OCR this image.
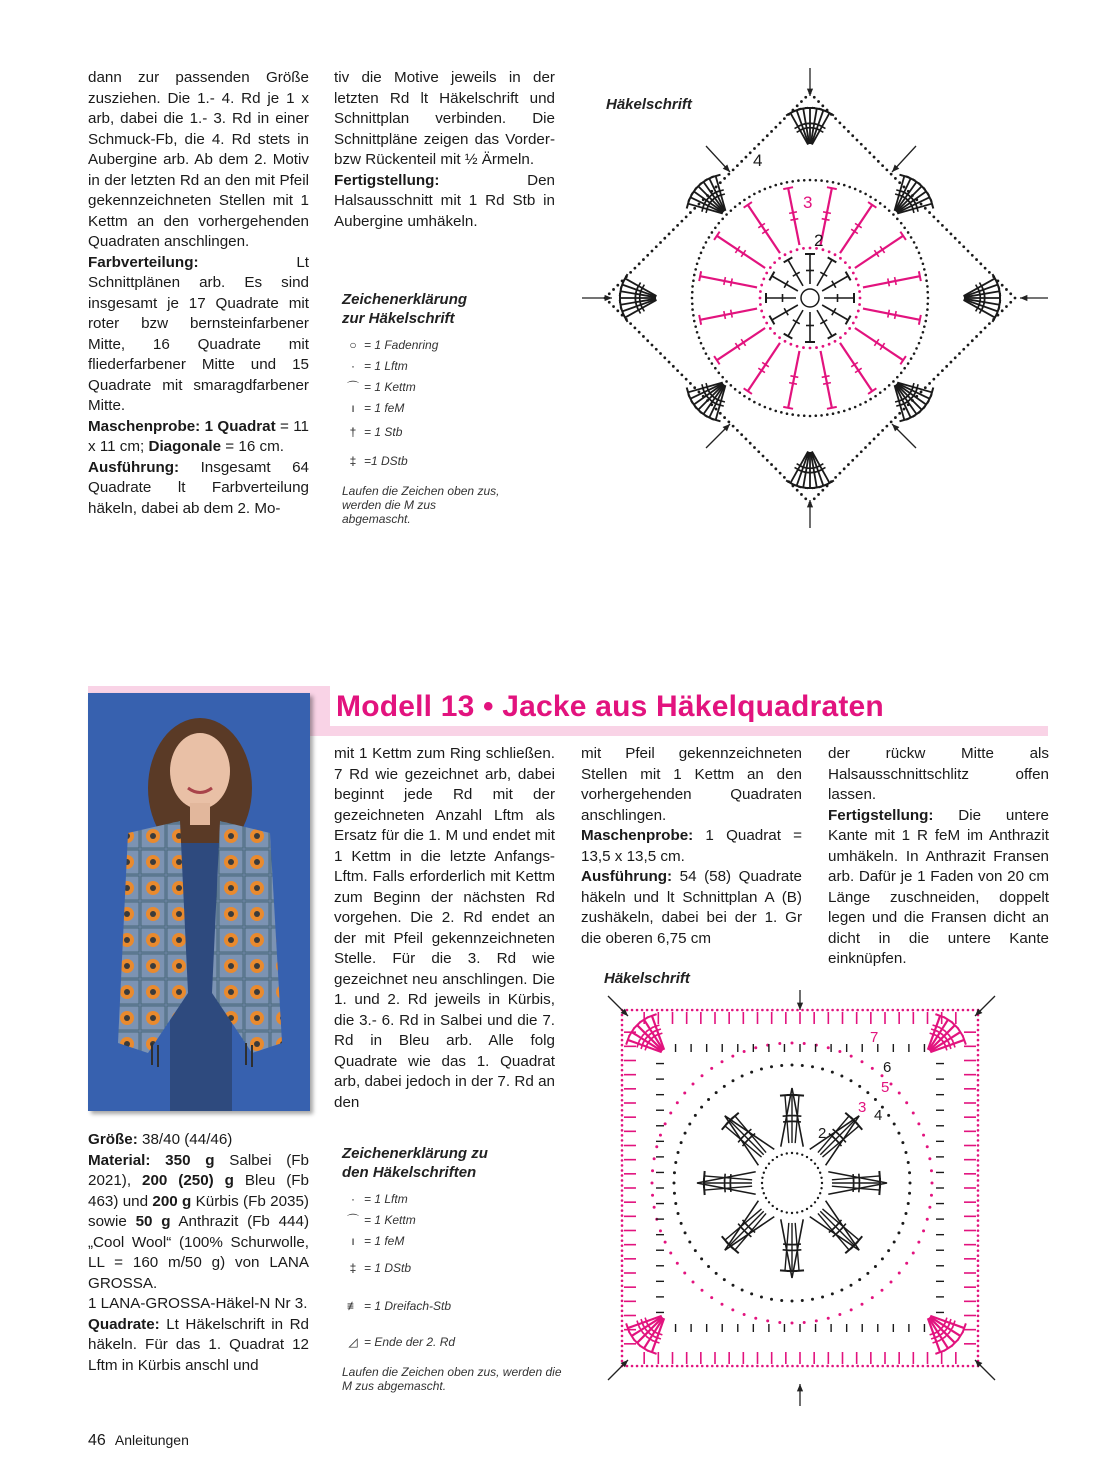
dann zur passenden Größe zusziehen. Die 1.- 4. Rd je 1 x arb, dabei die 1.- 3. Rd in einer Schmuck-Fb, die 4. Rd stets in Aubergine arb. Ab dem 2. Motiv in der letzten Rd an den mit Pfeil gekennzeichneten Stellen mit 1 Kettm an den vorhergehenden Quadraten anschlingen.

Farbverteilung: Lt Schnittplänen arb. Es sind insgesamt je 17 Quadrate mit roter bzw bernsteinfarbener Mitte, 16 Quadrate mit fliederfarbener Mitte und 15 Quadrate mit smaragdfarbener Mitte.

Maschenprobe: 1 Quadrat = 11 x 11 cm; Diagonale = 16 cm.

Ausführung: Insgesamt 64 Quadrate lt Farbverteilung häkeln, dabei ab dem 2. Mo-

tiv die Motive jeweils in der letzten Rd lt Häkelschrift und Schnittplan verbinden. Die Schnittpläne zeigen das Vorder- bzw Rückenteil mit ½ Ärmeln.

Fertigstellung: Den Halsausschnitt mit 1 Rd Stb in Aubergine umhäkeln.

Zeichenerklärung
zur Häkelschrift
○ = 1 Fadenring
· = 1 Lftm
⌒ = 1 Kettm
ı = 1 feM
† = 1 Stb
‡ =1 DStb
Laufen die Zeichen oben zus, werden die M zus abgemascht.
Häkelschrift
4
3
2
Modell 13 • Jacke aus Häkelquadraten

Größe: 38/40 (44/46)

Material: 350 g Salbei (Fb 2021), 200 (250) g Bleu (Fb 463) und 200 g Kürbis (Fb 2035) sowie 50 g Anthrazit (Fb 444) „Cool Wool“ (100% Schurwolle, LL = 160 m/50 g) von LANA GROSSA.

1 LANA-GROSSA-Häkel-N Nr 3.

Quadrate: Lt Häkelschrift in Rd häkeln. Für das 1. Quadrat 12 Lftm in Kürbis anschl und

mit 1 Kettm zum Ring schließen. 7 Rd wie gezeichnet arb, dabei beginnt jede Rd mit der gezeichneten Anzahl Lftm als Ersatz für die 1. M und endet mit 1 Kettm in die letzte Anfangs-Lftm. Falls erforderlich mit Kettm zum Beginn der nächsten Rd vorgehen. Die 2. Rd endet an der mit Pfeil gekennzeichneten Stelle. Für die 3. Rd wie gezeichnet neu anschlingen. Die 1. und 2. Rd jeweils in Kürbis, die 3.- 6. Rd in Salbei und die 7. Rd in Bleu arb. Alle folg Quadrate wie das 1. Quadrat arb, dabei jedoch in der 7. Rd an den

mit Pfeil gekennzeichneten Stellen mit 1 Kettm an den vorhergehenden Quadraten anschlingen.

Maschenprobe: 1 Quadrat = 13,5 x 13,5 cm.

Ausführung: 54 (58) Quadrate häkeln und lt Schnittplan A (B) zushäkeln, dabei bei der 1. Gr die oberen 6,75 cm

der rückw Mitte als Halsausschnittschlitz offen lassen.

Fertigstellung: Die untere Kante mit 1 R feM im Anthrazit umhäkeln. In Anthrazit Fransen arb. Dafür je 1 Faden von 20 cm Länge zuschneiden, doppelt legen und die Fransen dicht an dicht in die untere Kante einknüpfen.

Zeichenerklärung zu
den Häkelschriften
· = 1 Lftm
⌒ = 1 Kettm
ı = 1 feM
‡ = 1 DStb
≢ = 1 Dreifach-Stb
◿ = Ende der 2. Rd
Laufen die Zeichen oben zus, werden die M zus abgemascht.
Häkelschrift
7
6
5
4
3
2
46 Anleitungen
